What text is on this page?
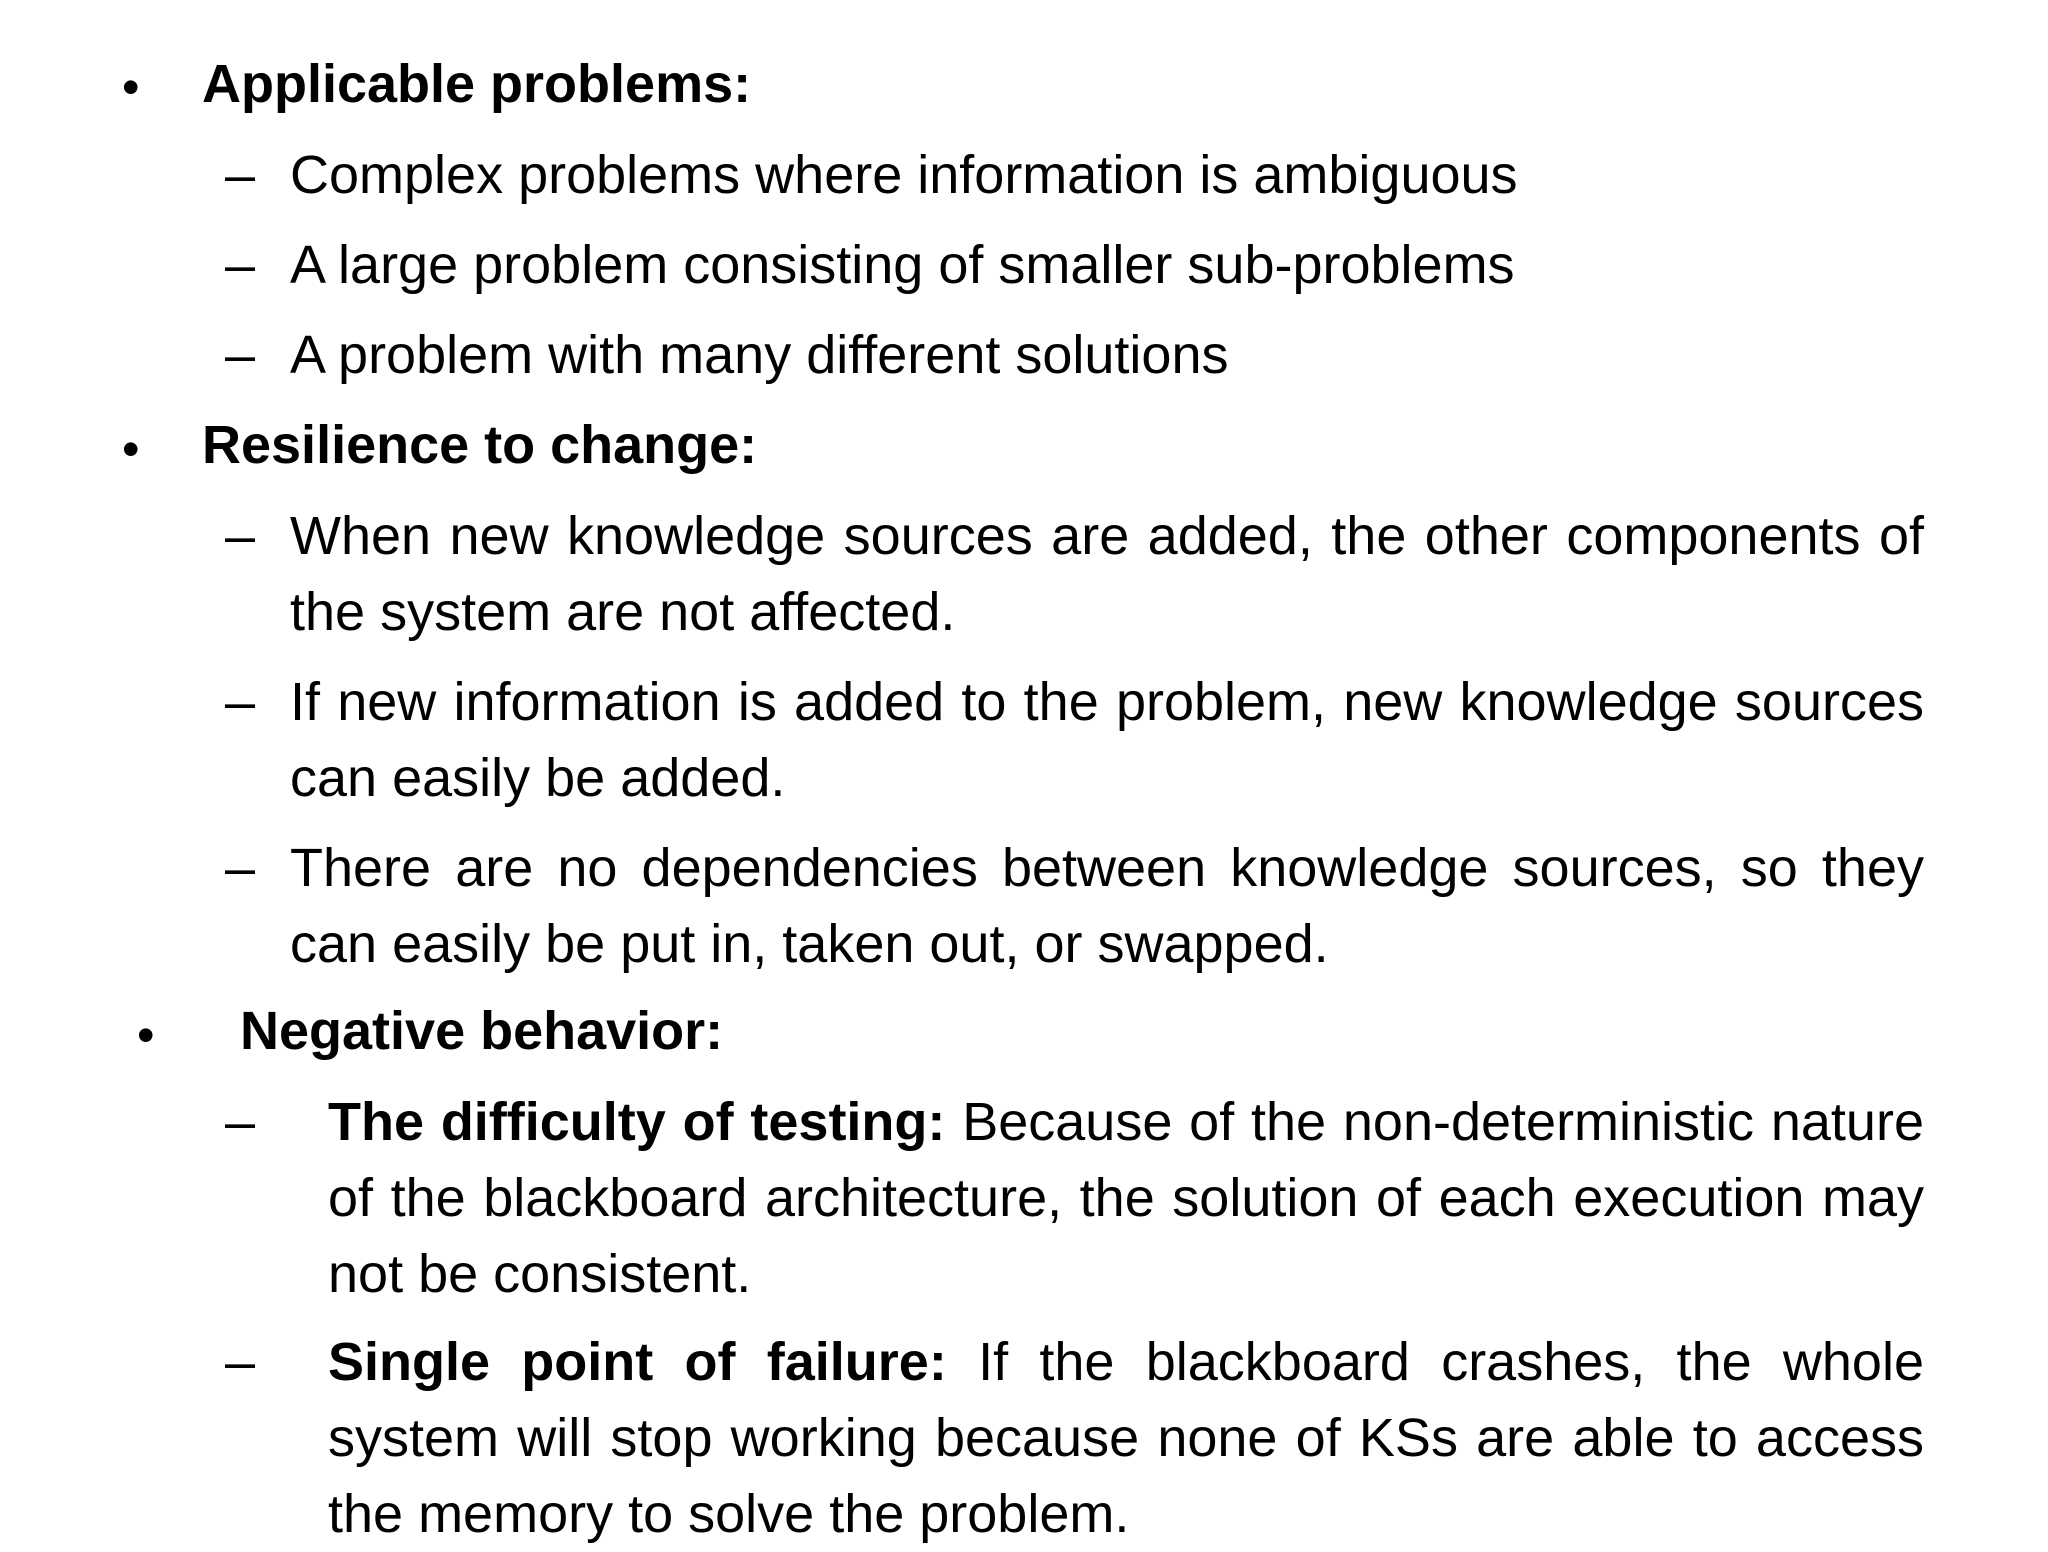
• Applicable problems:
– Complex problems where information is ambiguous
– A large problem consisting of smaller sub-problems
– A problem with many different solutions
• Resilience to change:
– When new knowledge sources are added, the other components of the system are not affected.
– If new information is added to the problem, new knowledge sources can easily be added.
– There are no dependencies between knowledge sources, so they can easily be put in, taken out, or swapped.
• Negative behavior:
– The difficulty of testing: Because of the non-deterministic nature of the blackboard architecture, the solution of each execution may not be consistent.
– Single point of failure: If the blackboard crashes, the whole system will stop working because none of KSs are able to access the memory to solve the problem.
